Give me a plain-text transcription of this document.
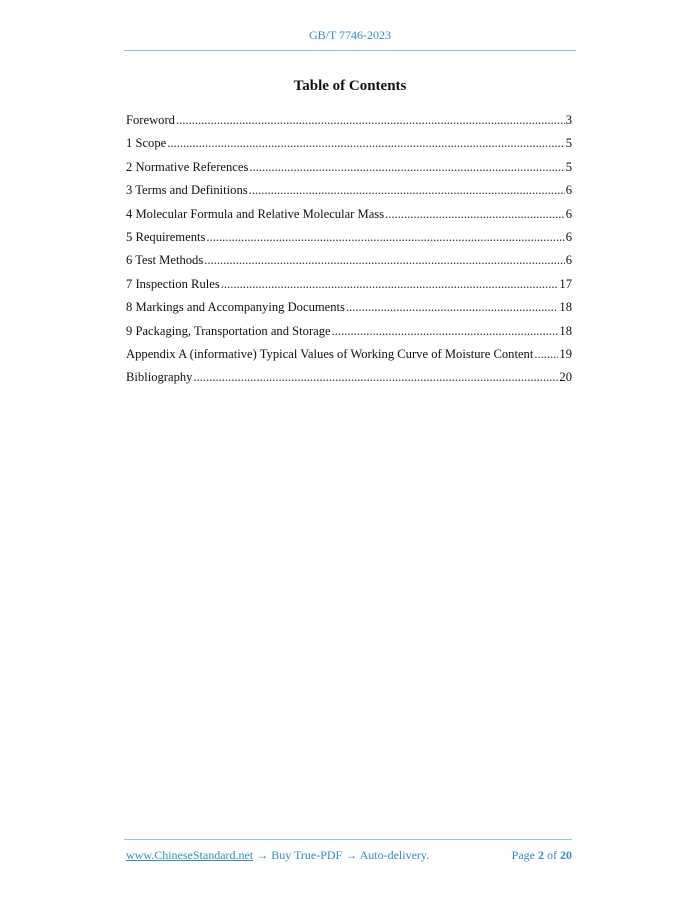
GB/T 7746-2023
Table of Contents
Foreword .....	3
1 Scope .....	5
2 Normative References .....	5
3 Terms and Definitions .....	6
4 Molecular Formula and Relative Molecular Mass .....	6
5 Requirements .....	6
6 Test Methods .....	6
7 Inspection Rules .....	17
8 Markings and Accompanying Documents .....	18
9 Packaging, Transportation and Storage .....	18
Appendix A (informative) Typical Values of Working Curve of Moisture Content ..... 19
Bibliography .....	20
www.ChineseStandard.net → Buy True-PDF → Auto-delivery.	Page 2 of 20
